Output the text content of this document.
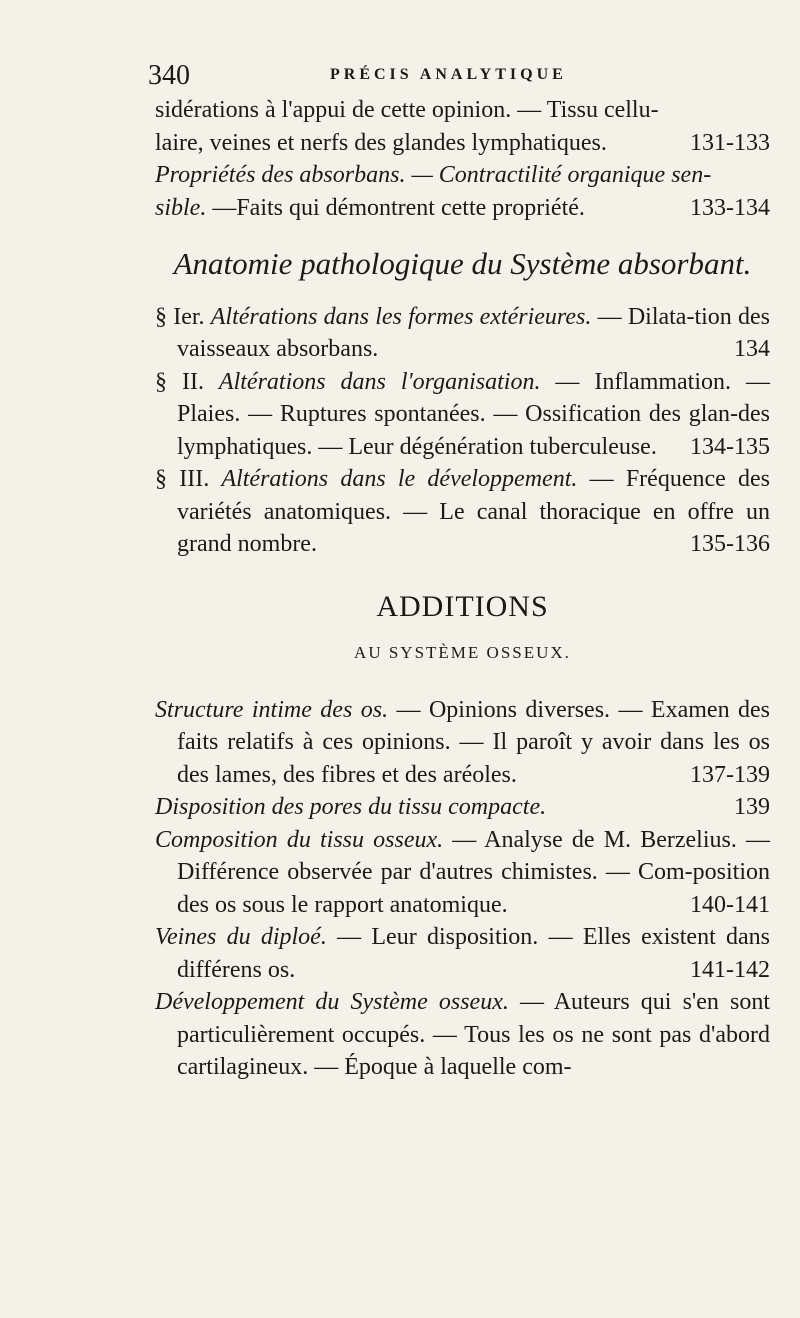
340	PRÉCIS ANALYTIQUE

sidérations à l'appui de cette opinion. — Tissu cellu-

laire, veines et nerfs des glandes lymphatiques.	131-133

Propriétés des absorbans. — Contractilité organique sen-

sible. —Faits qui démontrent cette propriété.	133-134

Anatomie pathologique du Système absorbant.

§ Ier. Altérations dans les formes extérieures. — Dilata-tion des vaisseaux absorbans.	134

§ II. Altérations dans l'organisation. — Inflammation. — Plaies. — Ruptures spontanées. — Ossification des glan-des lymphatiques. — Leur dégénération tuberculeuse. 134-135

§ III. Altérations dans le développement. — Fréquence des variétés anatomiques. — Le canal thoracique en offre un grand nombre.	135-136

ADDITIONS
AU SYSTÈME OSSEUX.

Structure intime des os. — Opinions diverses. — Examen des faits relatifs à ces opinions. — Il paroît y avoir dans les os des lames, des fibres et des aréoles.	137-139

Disposition des pores du tissu compacte.	139

Composition du tissu osseux. — Analyse de M. Berzelius. — Différence observée par d'autres chimistes. — Com-position des os sous le rapport anatomique.	140-141

Veines du diploé. — Leur disposition. — Elles existent dans différens os.	141-142

Développement du Système osseux. — Auteurs qui s'en sont particulièrement occupés. — Tous les os ne sont pas d'abord cartilagineux. — Époque à laquelle com-
